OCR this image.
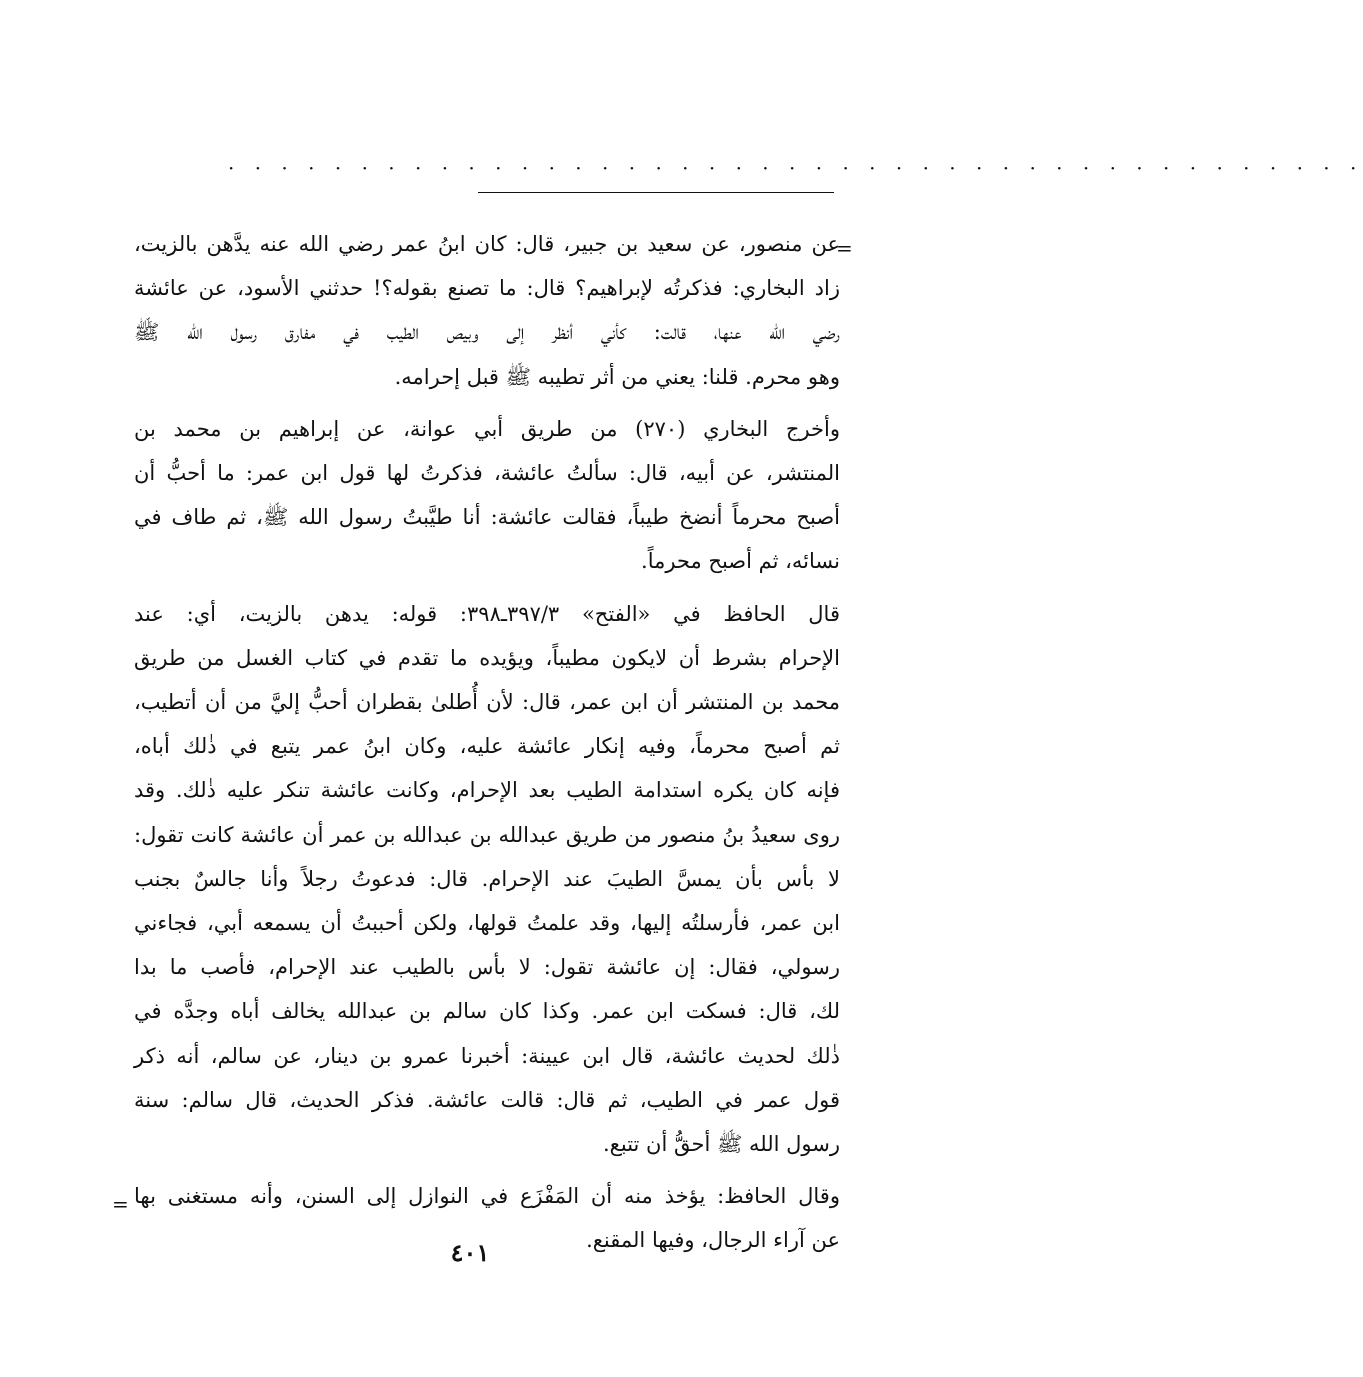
· · · · · · · · · · · · · · · · · · · · · · · · · · · · · · · · · · · · · · · · · · ·
=

عن منصور، عن سعيد بن جبير، قال: كان ابنُ عمر رضي الله عنه يدَّهن بالزيت،
زاد البخاري: فذكرتُه لإبراهيم؟ قال: ما تصنع بقوله؟! حدثني الأسود، عن عائشة
رضي الله عنها، قالت: كأني أنظر إلى وبيص الطيب في مفارق رسول الله ﷺ
وهو محرم. قلنا: يعني من أثر تطيبه ﷺ قبل إحرامه.

وأخرج البخاري (٢٧٠) من طريق أبي عوانة، عن إبراهيم بن محمد بن
المنتشر، عن أبيه، قال: سألتُ عائشة، فذكرتُ لها قول ابن عمر: ما أحبُّ أن
أصبح محرماً أنضخ طيباً، فقالت عائشة: أنا طيَّبتُ رسول الله ﷺ، ثم طاف في
نسائه، ثم أصبح محرماً.

قال الحافظ في «الفتح» ٣٩٧/٣ـ٣٩٨: قوله: يدهن بالزيت، أي: عند
الإحرام بشرط أن لايكون مطيباً، ويؤيده ما تقدم في كتاب الغسل من طريق
محمد بن المنتشر أن ابن عمر، قال: لأن أُطلىٰ بقطران أحبُّ إليَّ من أن أتطيب،
ثم أصبح محرماً، وفيه إنكار عائشة عليه، وكان ابنُ عمر يتبع في ذٰلك أباه،
فإنه كان يكره استدامة الطيب بعد الإحرام، وكانت عائشة تنكر عليه ذٰلك. وقد
روى سعيدُ بنُ منصور من طريق عبدالله بن عبدالله بن عمر أن عائشة كانت تقول:
لا بأس بأن يمسَّ الطيبَ عند الإحرام. قال: فدعوتُ رجلاً وأنا جالسٌ بجنب
ابن عمر، فأرسلتُه إليها، وقد علمتُ قولها، ولكن أحببتُ أن يسمعه أبي، فجاءني
رسولي، فقال: إن عائشة تقول: لا بأس بالطيب عند الإحرام، فأصب ما بدا
لك، قال: فسكت ابن عمر. وكذا كان سالم بن عبدالله يخالف أباه وجدَّه في
ذٰلك لحديث عائشة، قال ابن عيينة: أخبرنا عمرو بن دينار، عن سالم، أنه ذكر
قول عمر في الطيب، ثم قال: قالت عائشة. فذكر الحديث، قال سالم: سنة
رسول الله ﷺ أحقُّ أن تتبع.

وقال الحافظ: يؤخذ منه أن المَفْزَع في النوازل إلى السنن، وأنه مستغنى بها
عن آراء الرجال، وفيها المقنع.

=
٤٠١
